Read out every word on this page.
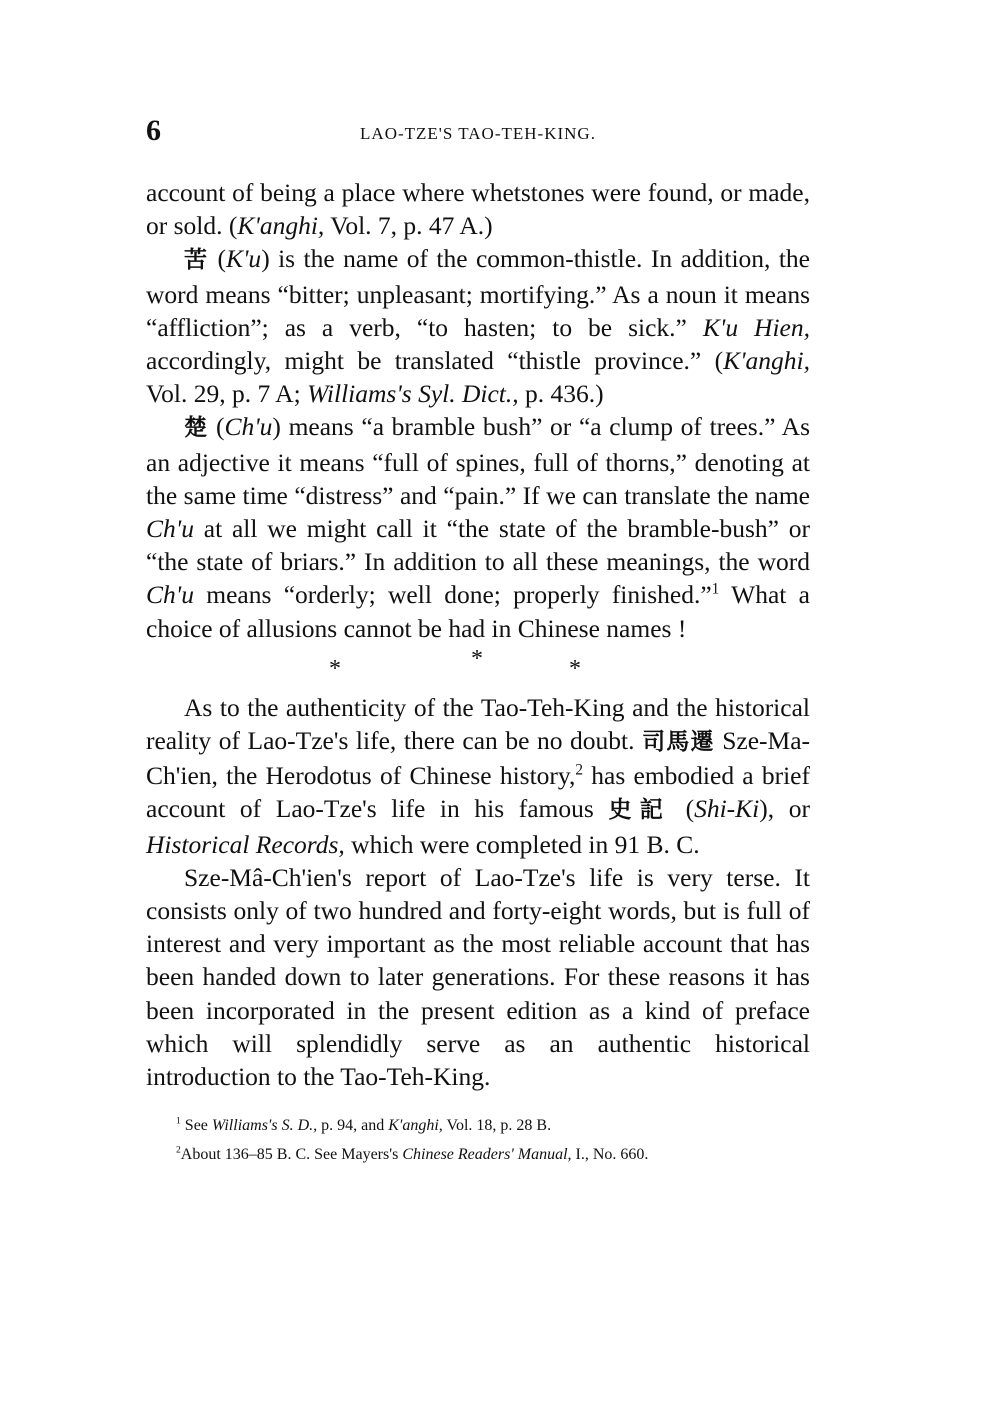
6	LAO-TZE'S TAO-TEH-KING.

account of being a place where whetstones were found, or made, or sold. (K'anghi, Vol. 7, p. 47 A.)

苦 (K'u) is the name of the common-thistle. In addition, the word means “bitter; unpleasant; mortifying.” As a noun it means “affliction”; as a verb, “to hasten; to be sick.” K'u Hien, accordingly, might be translated “thistle province.” (K'anghi, Vol. 29, p. 7 A; Williams's Syl. Dict., p. 436.)

楚 (Ch'u) means “a bramble bush” or “a clump of trees.” As an adjective it means “full of spines, full of thorns,” denoting at the same time “distress” and “pain.” If we can translate the name Ch'u at all we might call it “the state of the bramble-bush” or “the state of briars.” In addition to all these meanings, the word Ch'u means “orderly; well done; properly finished.”$^1$ What a choice of allusions cannot be had in Chinese names !

*	*	*

As to the authenticity of the Tao-Teh-King and the historical reality of Lao-Tze's life, there can be no doubt. 司馬遷 Sze-Ma-Ch'ien, the Herodotus of Chinese history,$^2$ has embodied a brief account of Lao-Tze's life in his famous 史記 (Shi-Ki), or Historical Records, which were completed in 91 B. C.

Sze-Mâ-Ch'ien's report of Lao-Tze's life is very terse. It consists only of two hundred and forty-eight words, but is full of interest and very important as the most reliable account that has been handed down to later generations. For these reasons it has been incorporated in the present edition as a kind of preface which will splendidly serve as an authentic historical introduction to the Tao-Teh-King.

$^1$ See Williams's S. D., p. 94, and K'anghi, Vol. 18, p. 28 B.

$^2$About 136–85 B. C. See Mayers's Chinese Readers' Manual, I., No. 660.
